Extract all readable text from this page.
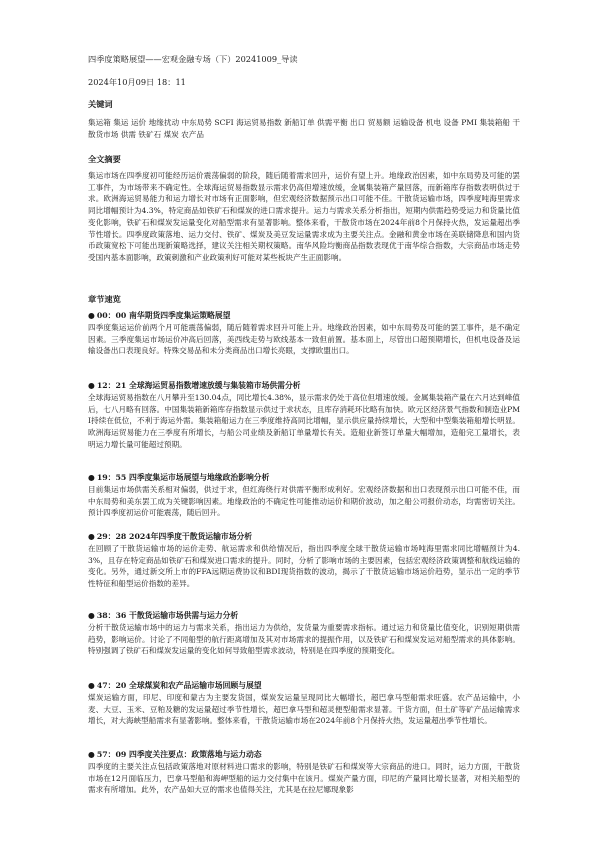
四季度策略展望——宏观金融专场（下）20241009_导读
2024年10月09日 18：11
关键词
集运箱 集运 运价 地缘扰动 中东局势 SCFI 海运贸易指数 新船订单 供需平衡 出口 贸易额 运输设备 机电 设备 PMI 集装箱船 干散货市场 供需 铁矿石 煤炭 农产品
全文摘要
集运市场在四季度初可能经历运价震荡偏弱的阶段，随后随着需求回升，运价有望上升。地缘政治因素，如中东局势及可能的罢工事件，为市场带来不确定性。全球海运贸易指数显示需求仍高但增速放缓，金属集装箱产量回落，而新箱库存指数表明供过于求。欧洲海运贸易能力和运力增长对市场有正面影响，但宏观经济数据预示出口可能不佳。干散货运输市场，四季度吨海里需求同比增幅预计为4.3%，特定商品如铁矿石和煤炭的进口需求提升。运力与需求关系分析指出，短期内供需趋势受运力和货量比值变化影响，铁矿石和煤炭发运量变化对船型需求有显著影响。整体来看，干散货市场在2024年前8个月保持火热，发运量超出季节性增长。四季度政策落地、运力交付、铁矿、煤炭及美豆发运量需求成为主要关注点。金融和黄金市场在美联储降息和国内货币政策宽松下可能出现新策略选择，建议关注相关期权策略。南华风险均衡商品指数表现优于南华综合指数，大宗商品市场走势受国内基本面影响，政策刺激和产业政策利好可能对某些板块产生正面影响。
章节速览
● 00：00 南华期货四季度集运策略展望
四季度集运运价前两个月可能震荡偏弱，随后随着需求回升可能上升。地缘政治因素，如中东局势及可能的罢工事件，是不确定因素。三季度集运市场运价冲高后回落，美西线走势与欧线基本一致但前置。基本面上，尽管出口超预期增长，但机电设备及运输设备出口表现良好。特殊交易品和未分类商品出口增长亮眼，支撑欧盟出口。
● 12：21 全球海运贸易指数增速放缓与集装箱市场供需分析
全球海运贸易指数在八月攀升至130.04点，同比增长4.38%，显示需求仍处于高位但增速放缓。金属集装箱产量在六月达到峰值后，七八月略有回落。中国集装箱新箱库存指数显示供过于求状态，且库存消耗环比略有加快。欧元区经济景气指数和制造业PMI持续在低位，不利于海运外需。集装箱船运力在三季度维持高同比增幅，显示供应量持续增长，大型和中型集装箱船增长明显。欧洲海运贸易能力在三季度有所增长，与船公司业绩及新船订单量增长有关。造船业新签订单量大幅增加，造船完工量增长，表明运力增长量可能超过预期。
● 19：55 四季度集运市场展望与地缘政治影响分析
目前集运市场供需关系相对偏弱，供过于求，但红海绕行对供需平衡形成利好。宏观经济数据和出口表现预示出口可能不佳，而中东局势和美东罢工成为关键影响因素。地缘政治的不确定性可能推动运价和期价波动，加之船公司报价动态，均需密切关注。预计四季度初运价可能震荡，随后回升。
● 29：28 2024年四季度干散货运输市场分析
在回顾了干散货运输市场的运价走势、航运需求和供给情况后，指出四季度全球干散货运输市场吨海里需求同比增幅预计为4.3%，且存在特定商品如铁矿石和煤炭进口需求的提升。同时，分析了影响市场的主要因素，包括宏观经济政策调整和航线运输的变化。另外，通过新交所上市的FFA远期运费协议和BDI现货指数的波动，揭示了干散货运输市场运价趋势，显示出一定的季节性特征和船型运价指数的差异。
● 38：36 干散货运输市场供需与运力分析
分析干散货运输市场中的运力与需求关系，指出运力为供给，发货量为重要需求指标。通过运力和货量比值变化，识别短期供需趋势，影响运价。讨论了不同船型的航行距离增加及其对市场需求的提振作用，以及铁矿石和煤炭发运对船型需求的具体影响。特别强调了铁矿石和煤炭发运量的变化如何导致船型需求波动，特别是在四季度的预期变化。
● 47：20 全球煤炭和农产品运输市场回顾与展望
煤炭运输方面，印尼、印度和蒙古为主要发货国，煤炭发运量呈现同比大幅增长，超巴拿马型船需求旺盛。农产品运输中，小麦、大豆、玉米、豆粕及糖的发运量超过季节性增长，超巴拿马型和超灵便型船需求显著。干货方面，但土矿等矿产品运输需求增长，对大海峡型船需求有显著影响。整体来看，干散货运输市场在2024年前8个月保持火热，发运量超出季节性增长。
● 57：09 四季度关注要点：政策落地与运力动态
四季度的主要关注点包括政策落地对原材料进口需求的影响，特别是铁矿石和煤炭等大宗商品的进口。同时，运力方面，干散货市场在12月面临压力，巴拿马型船和海岬型船的运力交付集中在该月。煤炭产量方面，印尼的产量同比增长显著，对相关船型的需求有所增加。此外，农产品如大豆的需求也值得关注，尤其是在拉尼娜现象影
